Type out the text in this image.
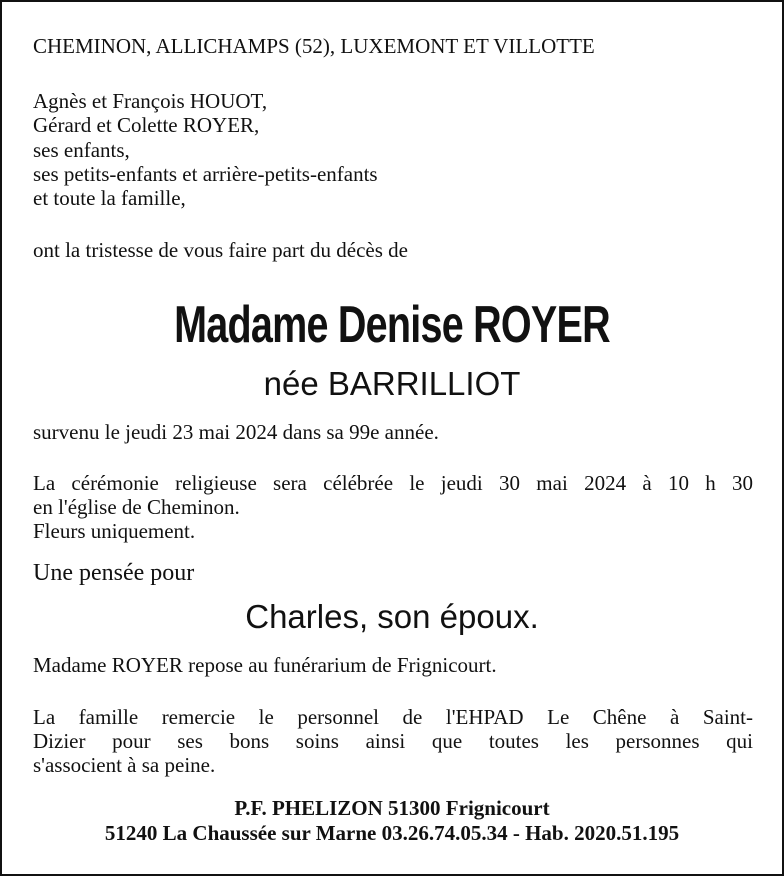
CHEMINON, ALLICHAMPS (52), LUXEMONT ET VILLOTTE
Agnès et François HOUOT,
Gérard et Colette ROYER,
ses enfants,
ses petits-enfants et arrière-petits-enfants
et toute la famille,
ont la tristesse de vous faire part du décès de
Madame Denise ROYER
née BARRILLIOT
survenu le jeudi 23 mai 2024 dans sa 99e année.
La cérémonie religieuse sera célébrée le jeudi 30 mai 2024 à 10 h 30
en l'église de Cheminon.
Fleurs uniquement.
Une pensée pour
Charles, son époux.
Madame ROYER repose au funérarium de Frignicourt.
La famille remercie le personnel de l'EHPAD Le Chêne à Saint-
Dizier pour ses bons soins ainsi que toutes les personnes qui
s'associent à sa peine.
P.F. PHELIZON 51300 Frignicourt
51240 La Chaussée sur Marne 03.26.74.05.34 - Hab. 2020.51.195
